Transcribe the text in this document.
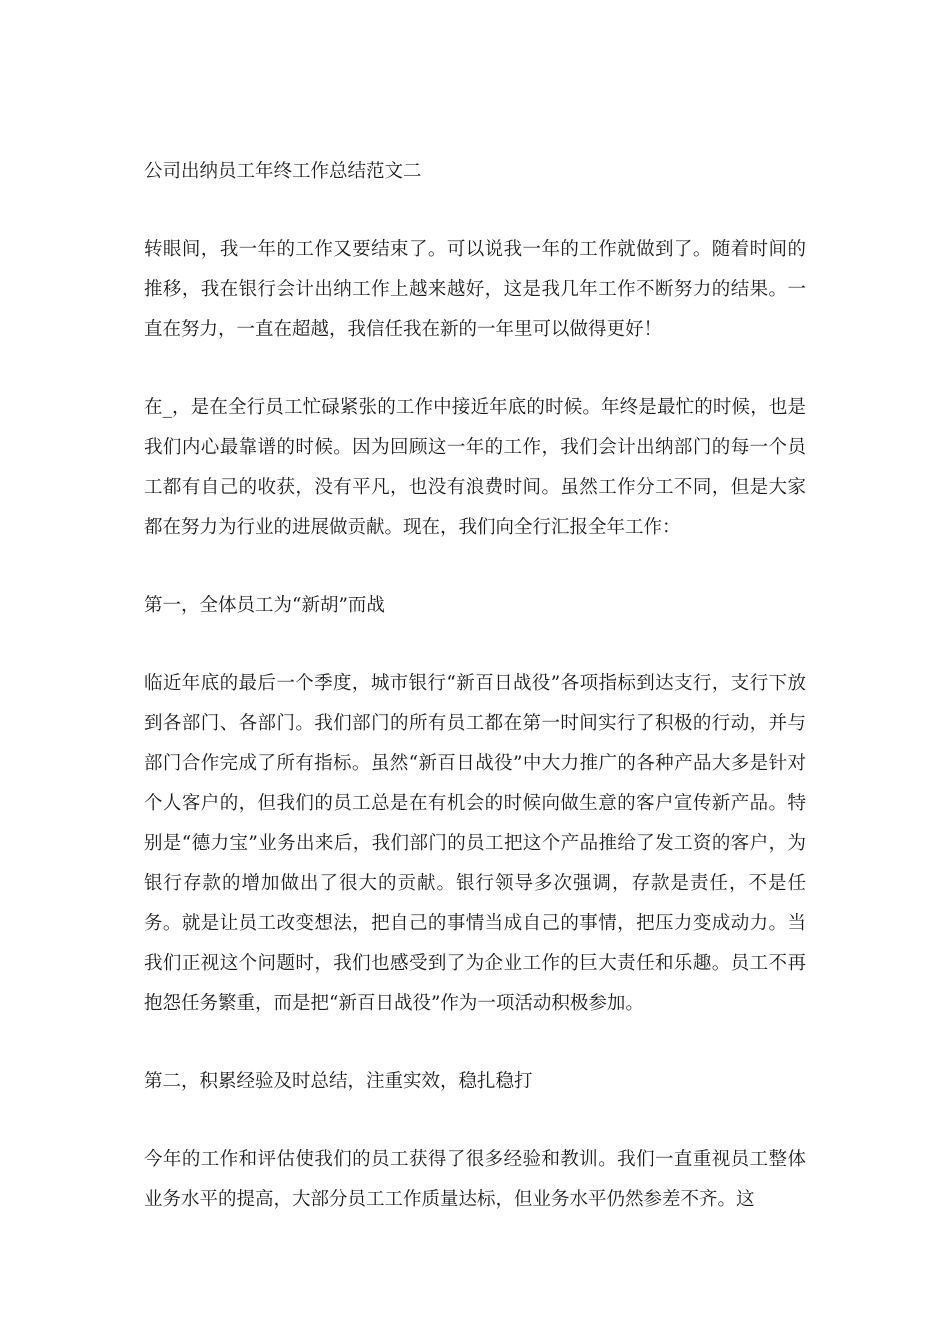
公司出纳员工年终工作总结范文二

转眼间，我一年的工作又要结束了。可以说我一年的工作就做到了。随着时间的推移，我在银行会计出纳工作上越来越好，这是我几年工作不断努力的结果。一直在努力，一直在超越，我信任我在新的一年里可以做得更好！

在_，是在全行员工忙碌紧张的工作中接近年底的时候。年终是最忙的时候，也是我们内心最靠谱的时候。因为回顾这一年的工作，我们会计出纳部门的每一个员工都有自己的收获，没有平凡，也没有浪费时间。虽然工作分工不同，但是大家都在努力为行业的进展做贡献。现在，我们向全行汇报全年工作：

第一，全体员工为“新胡”而战

临近年底的最后一个季度，城市银行“新百日战役”各项指标到达支行，支行下放到各部门、各部门。我们部门的所有员工都在第一时间实行了积极的行动，并与部门合作完成了所有指标。虽然“新百日战役”中大力推广的各种产品大多是针对个人客户的，但我们的员工总是在有机会的时候向做生意的客户宣传新产品。特别是“德力宝”业务出来后，我们部门的员工把这个产品推给了发工资的客户，为银行存款的增加做出了很大的贡献。银行领导多次强调，存款是责任，不是任务。就是让员工改变想法，把自己的事情当成自己的事情，把压力变成动力。当我们正视这个问题时，我们也感受到了为企业工作的巨大责任和乐趣。员工不再抱怨任务繁重，而是把“新百日战役”作为一项活动积极参加。

第二，积累经验及时总结，注重实效，稳扎稳打

今年的工作和评估使我们的员工获得了很多经验和教训。我们一直重视员工整体业务水平的提高，大部分员工工作质量达标，但业务水平仍然参差不齐。这
